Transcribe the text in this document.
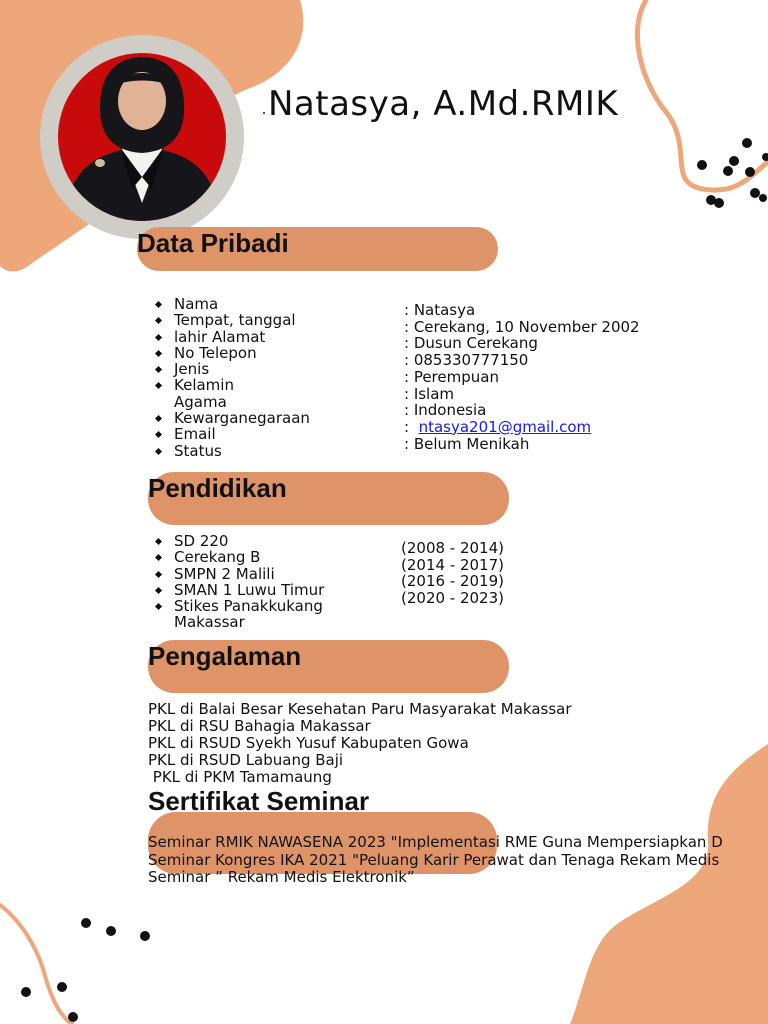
Natasya, A.Md.RMIK
Data Pribadi
Nama
Tempat, tanggal
lahir Alamat
No Telepon
Jenis
Kelamin
Agama
Kewarganegaraan
Email
Status
: Natasya
: Cerekang, 10 November 2002
: Dusun Cerekang
: 085330777150
: Perempuan
: Islam
: Indonesia
:  ntasya201@gmail.com
: Belum Menikah
Pendidikan
SD 220
Cerekang B
SMPN 2 Malili
SMAN 1 Luwu Timur
Stikes Panakkukang
Makassar
(2008 - 2014)
(2014 - 2017)
(2016 - 2019)
(2020 - 2023)
Pengalaman
PKL di Balai Besar Kesehatan Paru Masyarakat Makassar
PKL di RSU Bahagia Makassar
PKL di RSUD Syekh Yusuf Kabupaten Gowa
PKL di RSUD Labuang Baji
PKL di PKM Tamamaung
Sertifikat Seminar
Seminar RMIK NAWASENA 2023 "Implementasi RME Guna Mempersiapkan D
Seminar Kongres IKA 2021 "Peluang Karir Perawat dan Tenaga Rekam Medis
Seminar ” Rekam Medis Elektronik”
